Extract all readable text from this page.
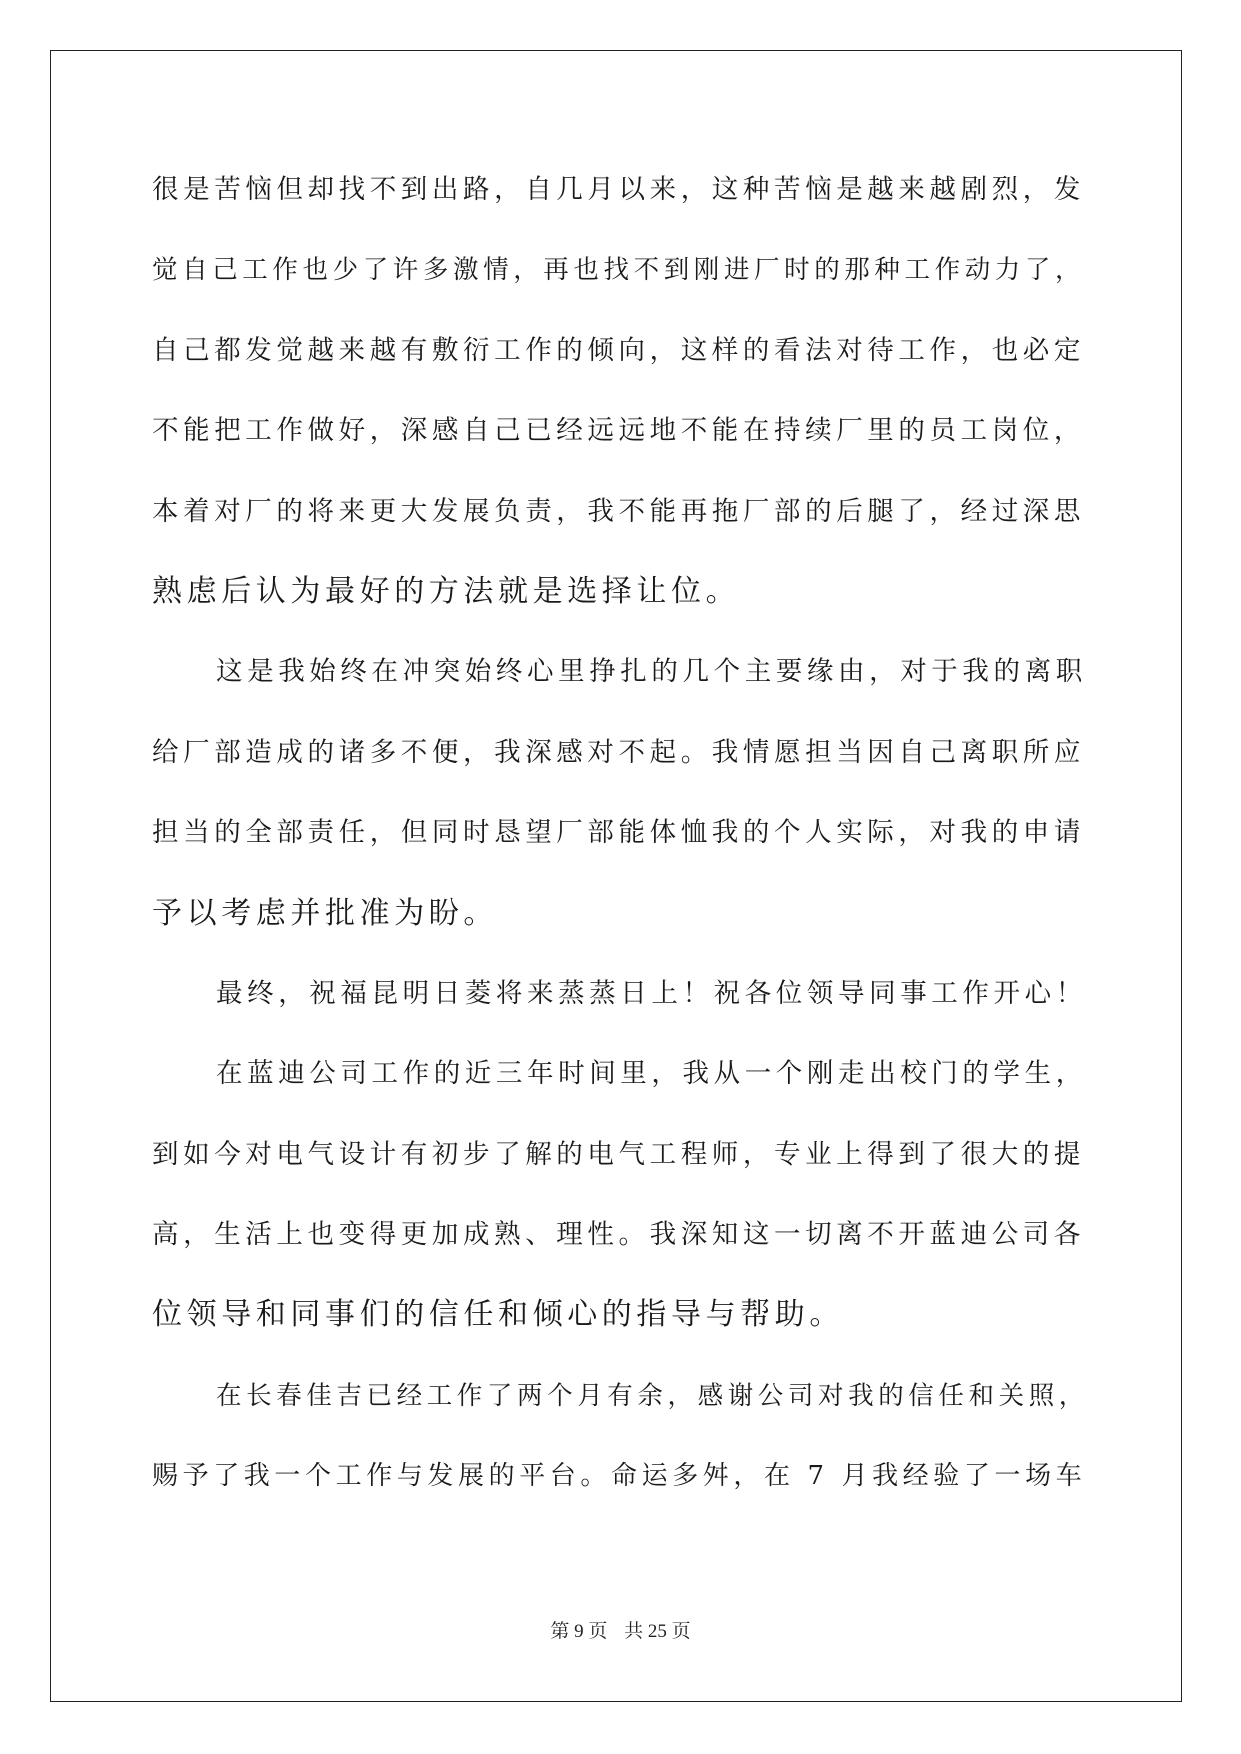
很是苦恼但却找不到出路，自几月以来，这种苦恼是越来越剧烈，发
觉自己工作也少了许多激情，再也找不到刚进厂时的那种工作动力了，
自己都发觉越来越有敷衍工作的倾向，这样的看法对待工作，也必定
不能把工作做好，深感自己已经远远地不能在持续厂里的员工岗位，
本着对厂的将来更大发展负责，我不能再拖厂部的后腿了，经过深思
熟虑后认为最好的方法就是选择让位。
这是我始终在冲突始终心里挣扎的几个主要缘由，对于我的离职
给厂部造成的诸多不便，我深感对不起。我情愿担当因自己离职所应
担当的全部责任，但同时恳望厂部能体恤我的个人实际，对我的申请
予以考虑并批准为盼。
最终，祝福昆明日菱将来蒸蒸日上！祝各位领导同事工作开心！
在蓝迪公司工作的近三年时间里，我从一个刚走出校门的学生，
到如今对电气设计有初步了解的电气工程师，专业上得到了很大的提
高，生活上也变得更加成熟、理性。我深知这一切离不开蓝迪公司各
位领导和同事们的信任和倾心的指导与帮助。
在长春佳吉已经工作了两个月有余，感谢公司对我的信任和关照，
赐予了我一个工作与发展的平台。命运多舛，在 7 月我经验了一场车
第 9 页 共 25 页
